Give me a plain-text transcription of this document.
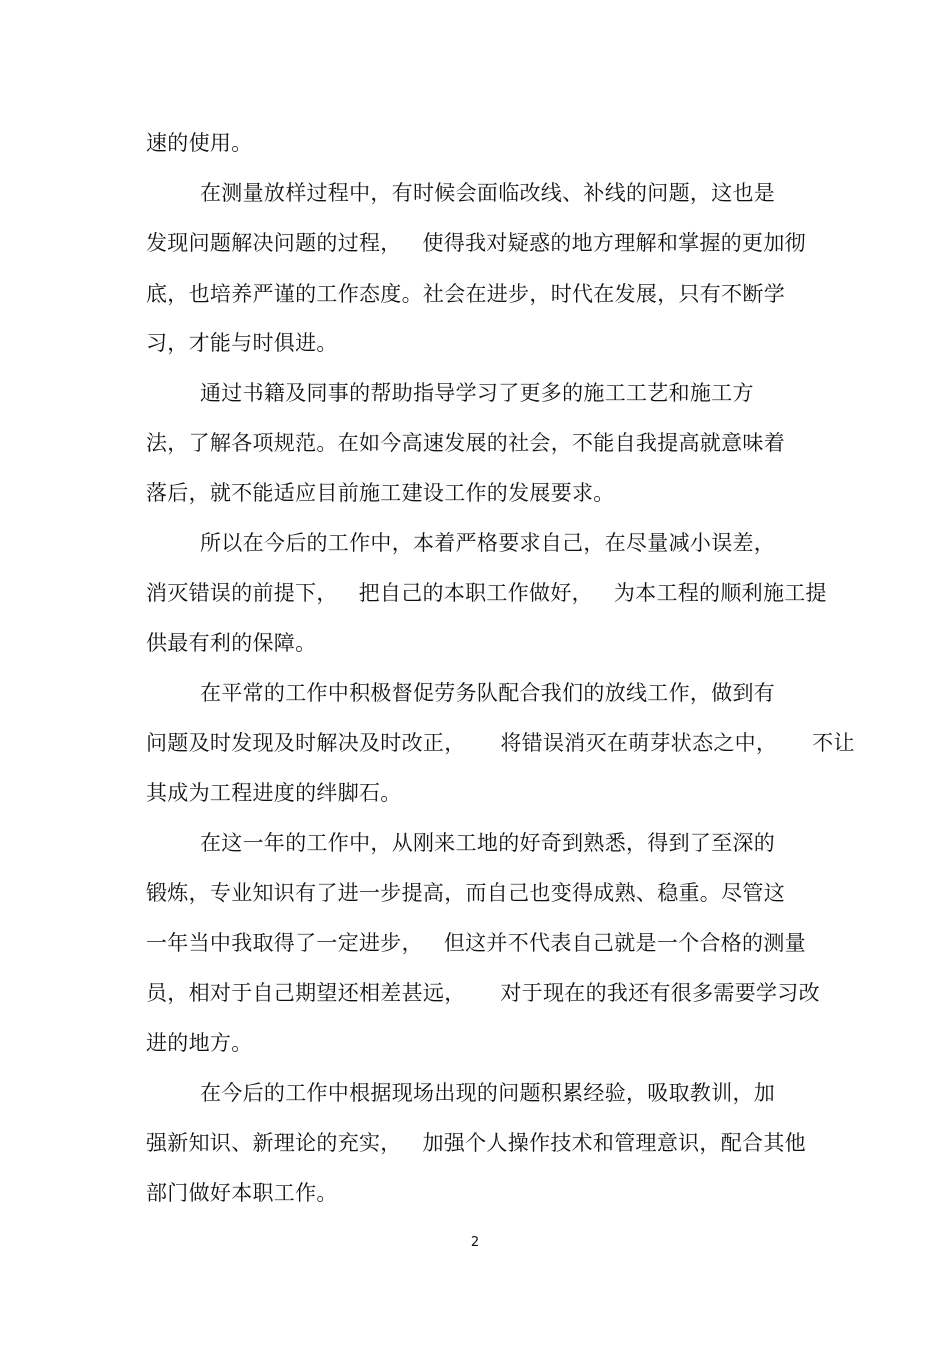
速的使用。
在测量放样过程中，有时候会面临改线、补线的问题，这也是
发现问题解决问题的过程，   使得我对疑惑的地方理解和掌握的更加彻
底，也培养严谨的工作态度。社会在进步，时代在发展，只有不断学
习，才能与时俱进。
通过书籍及同事的帮助指导学习了更多的施工工艺和施工方
法，了解各项规范。在如今高速发展的社会，不能自我提高就意味着
落后，就不能适应目前施工建设工作的发展要求。
所以在今后的工作中，本着严格要求自己，在尽量减小误差，
消灭错误的前提下，   把自己的本职工作做好，   为本工程的顺利施工提
供最有利的保障。
在平常的工作中积极督促劳务队配合我们的放线工作，做到有
问题及时发现及时解决及时改正，     将错误消灭在萌芽状态之中，     不让
其成为工程进度的绊脚石。
在这一年的工作中，从刚来工地的好奇到熟悉，得到了至深的
锻炼，专业知识有了进一步提高，而自己也变得成熟、稳重。尽管这
一年当中我取得了一定进步，   但这并不代表自己就是一个合格的测量
员，相对于自己期望还相差甚远，     对于现在的我还有很多需要学习改
进的地方。
在今后的工作中根据现场出现的问题积累经验，吸取教训，加
强新知识、新理论的充实，   加强个人操作技术和管理意识，配合其他
部门做好本职工作。
2
